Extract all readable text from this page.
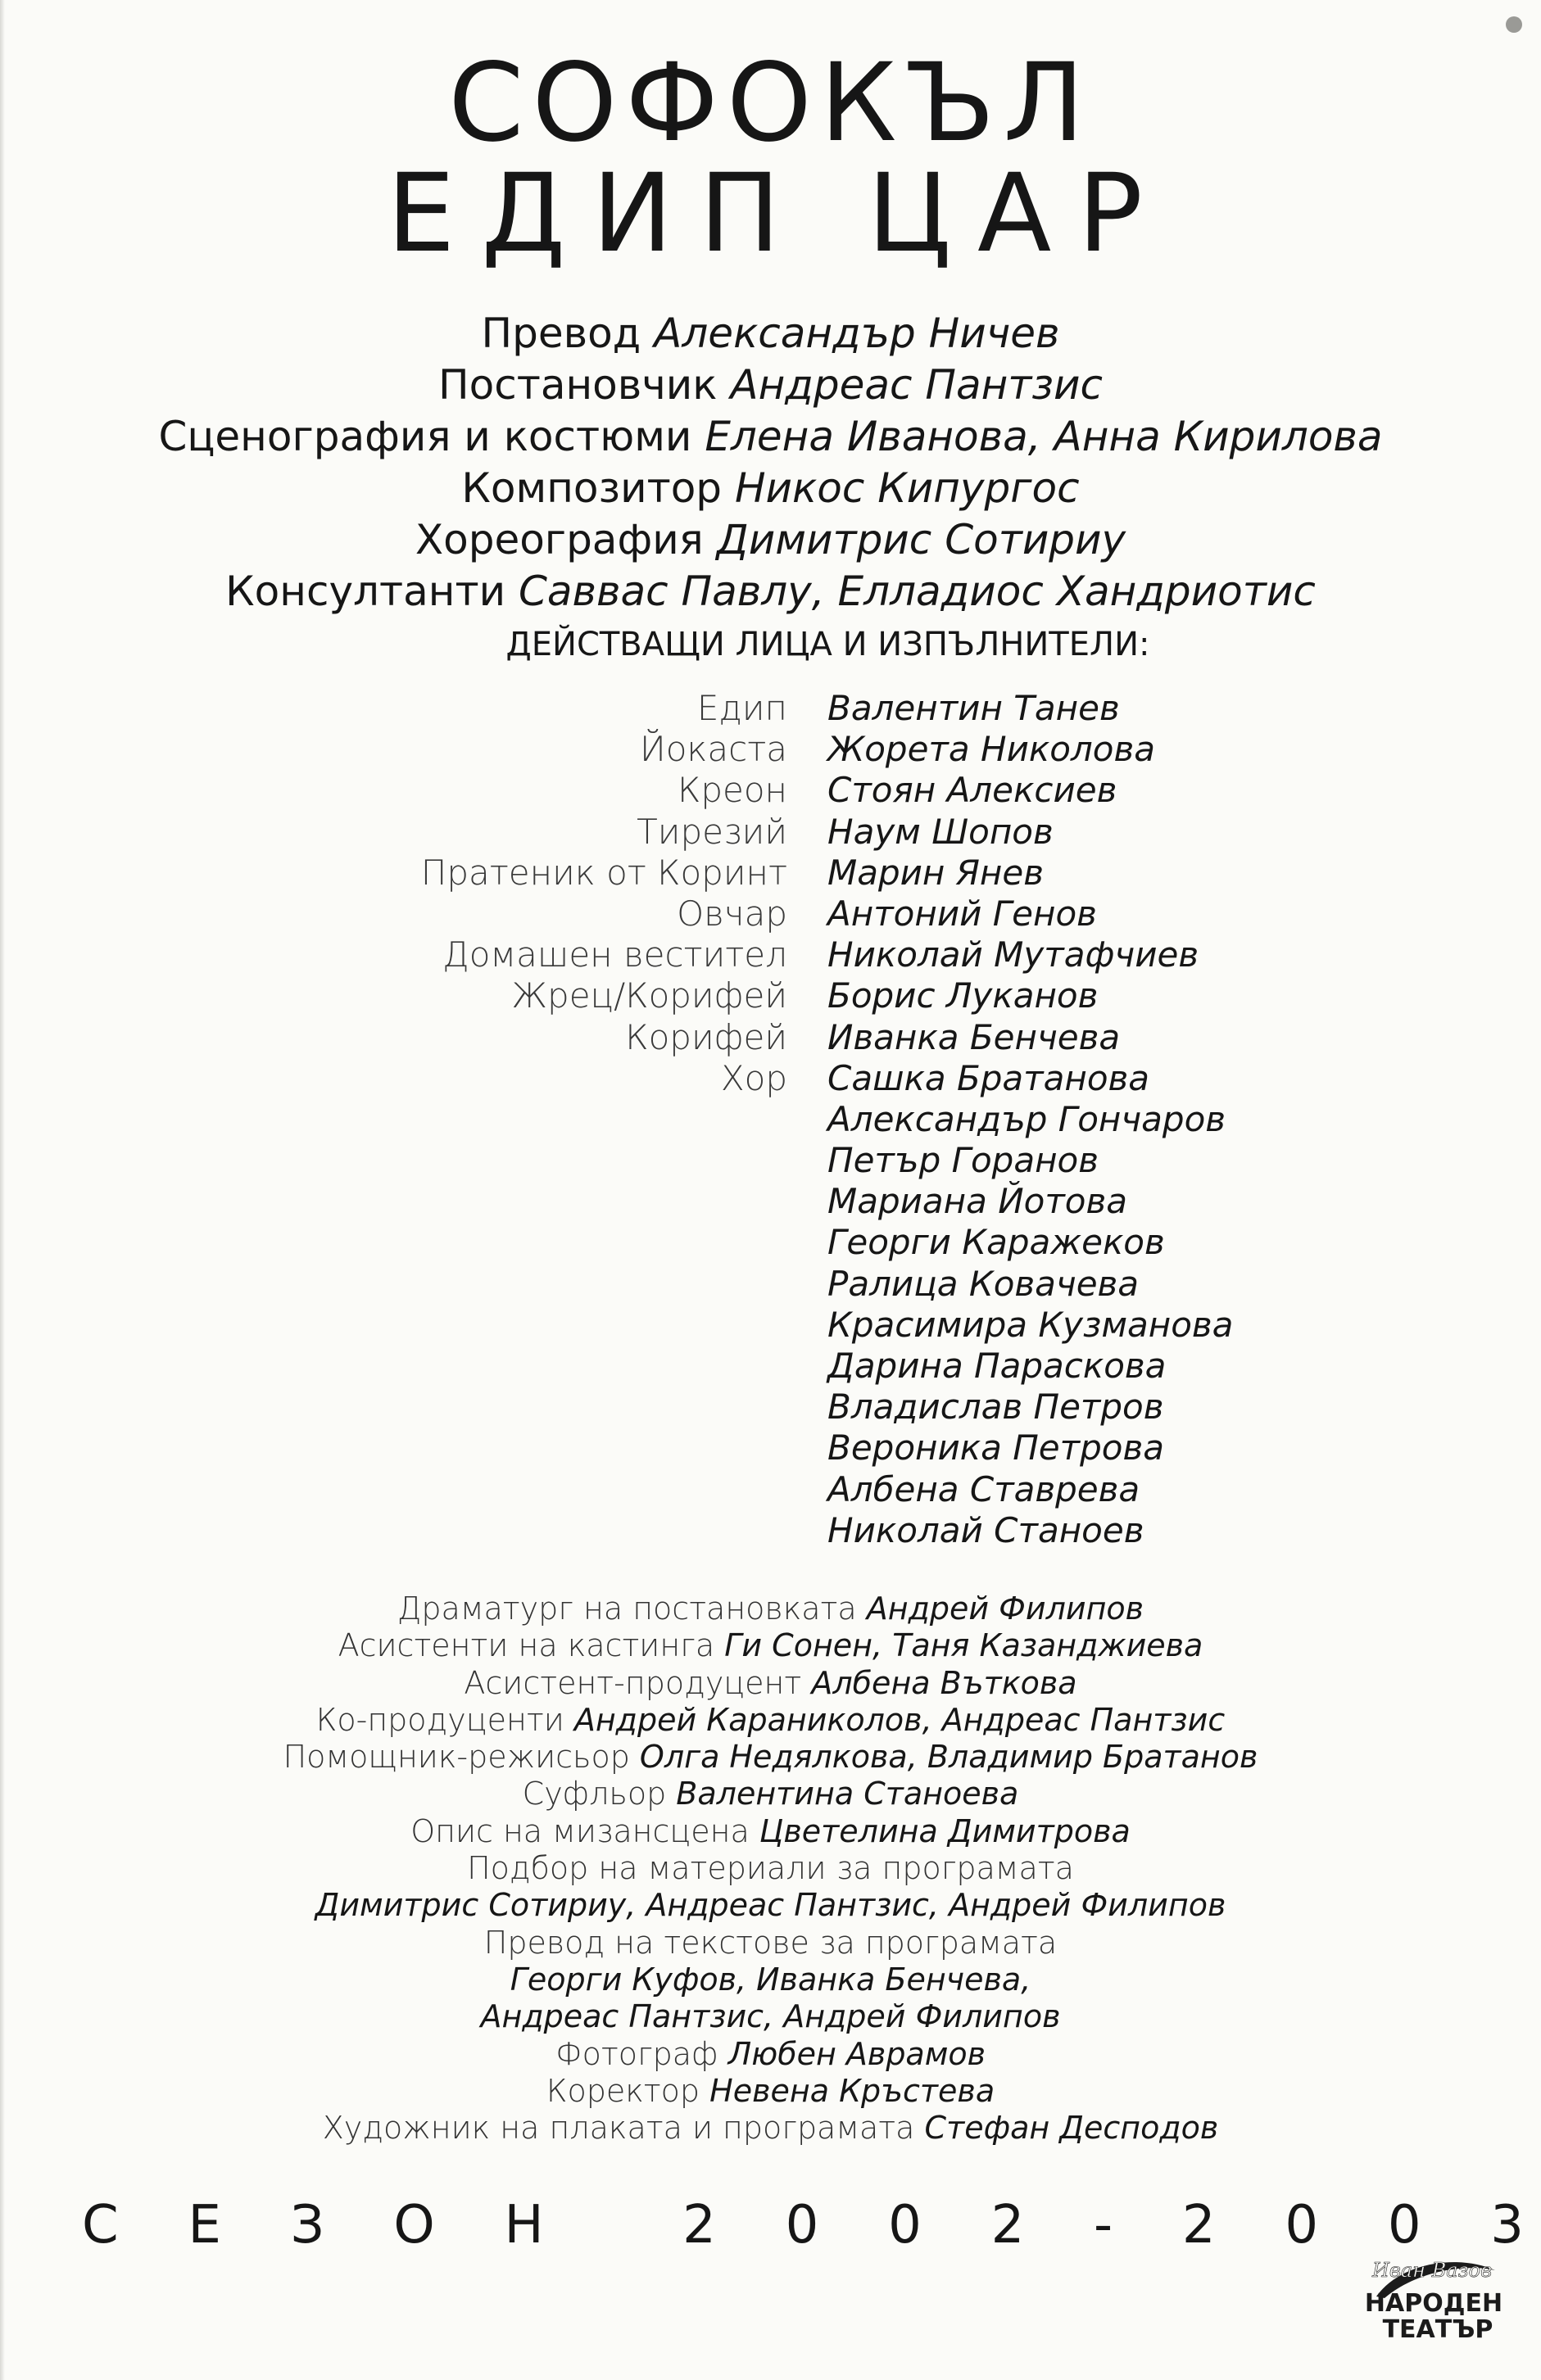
СОФОКЪЛ
ЕДИП ЦАР
Превод Александър Ничев
Постановчик Андреас Пантзис
Сценография и костюми Елена Иванова, Анна Кирилова
Композитор Никос Кипургос
Хореография Димитрис Сотириу
Консултанти Саввас Павлу, Елладиос Хандриотис
ДЕЙСТВАЩИ ЛИЦА И ИЗПЪЛНИТЕЛИ:
Едип Валентин Танев
Йокаста Жорета Николова
Креон Стоян Алексиев
Тирезий Наум Шопов
Пратеник от Коринт Марин Янев
Овчар Антоний Генов
Домашен вестител Николай Мутафчиев
Жрец/Корифей Борис Луканов
Корифей Иванка Бенчева
Хор Сашка Братанова
Александър Гончаров
Петър Горанов
Мариана Йотова
Георги Каражеков
Ралица Ковачева
Красимира Кузманова
Дарина Параскова
Владислав Петров
Вероника Петрова
Албена Ставрева
Николай Станоев
Драматург на постановката Андрей Филипов
Асистенти на кастинга Ги Сонен, Таня Казанджиева
Асистент-продуцент Албена Въткова
Ко-продуценти Андрей Караниколов, Андреас Пантзис
Помощник-режисьор Олга Недялкова, Владимир Братанов
Суфльор Валентина Станоева
Опис на мизансцена Цветелина Димитрова
Подбор на материали за програмата
Димитрис Сотириу, Андреас Пантзис, Андрей Филипов
Превод на текстове за програмата
Георги Куфов, Иванка Бенчева,
Андреас Пантзис, Андрей Филипов
Фотограф Любен Аврамов
Коректор Невена Кръстева
Художник на плаката и програмата Стефан Десподов
С Е З О Н	2 0 0 2 - 2 0 0 3
Иван Вазов
НАРОДЕН
ТЕАТЪР
